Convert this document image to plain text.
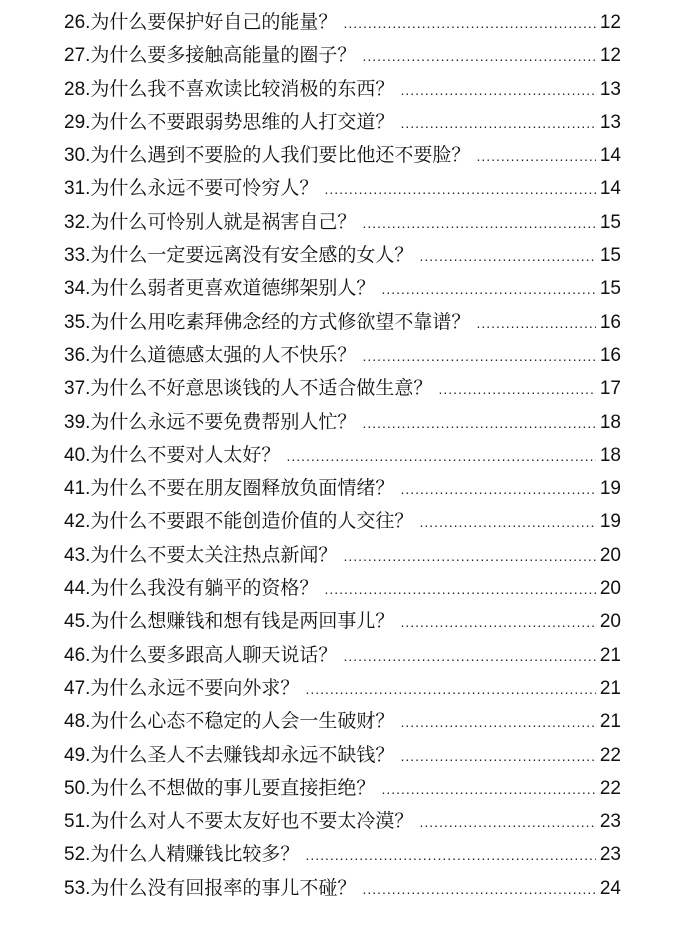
26. 为什么要保护好自己的能量？ .....	12
27. 为什么要多接触高能量的圈子？ .....	12
28. 为什么我不喜欢读比较消极的东西？ .....	13
29. 为什么不要跟弱势思维的人打交道？ .....	13
30. 为什么遇到不要脸的人我们要比他还不要脸？ .....	14
31. 为什么永远不要可怜穷人？ .....	14
32. 为什么可怜别人就是祸害自己？ .....	15
33. 为什么一定要远离没有安全感的女人？ .....	15
34. 为什么弱者更喜欢道德绑架别人？ .....	15
35. 为什么用吃素拜佛念经的方式修欲望不靠谱？ .....	16
36. 为什么道德感太强的人不快乐？ .....	16
37. 为什么不好意思谈钱的人不适合做生意？ .....	17
39. 为什么永远不要免费帮别人忙？ .....	18
40. 为什么不要对人太好？ .....	18
41. 为什么不要在朋友圈释放负面情绪？ .....	19
42. 为什么不要跟不能创造价值的人交往？ .....	19
43. 为什么不要太关注热点新闻？ .....	20
44. 为什么我没有躺平的资格？ .....	20
45. 为什么想赚钱和想有钱是两回事儿？ .....	20
46. 为什么要多跟高人聊天说话？ .....	21
47. 为什么永远不要向外求？ .....	21
48. 为什么心态不稳定的人会一生破财？ .....	21
49. 为什么圣人不去赚钱却永远不缺钱？ .....	22
50. 为什么不想做的事儿要直接拒绝？ .....	22
51. 为什么对人不要太友好也不要太冷漠？ .....	23
52. 为什么人精赚钱比较多？ .....	23
53. 为什么没有回报率的事儿不碰？ .....	24
